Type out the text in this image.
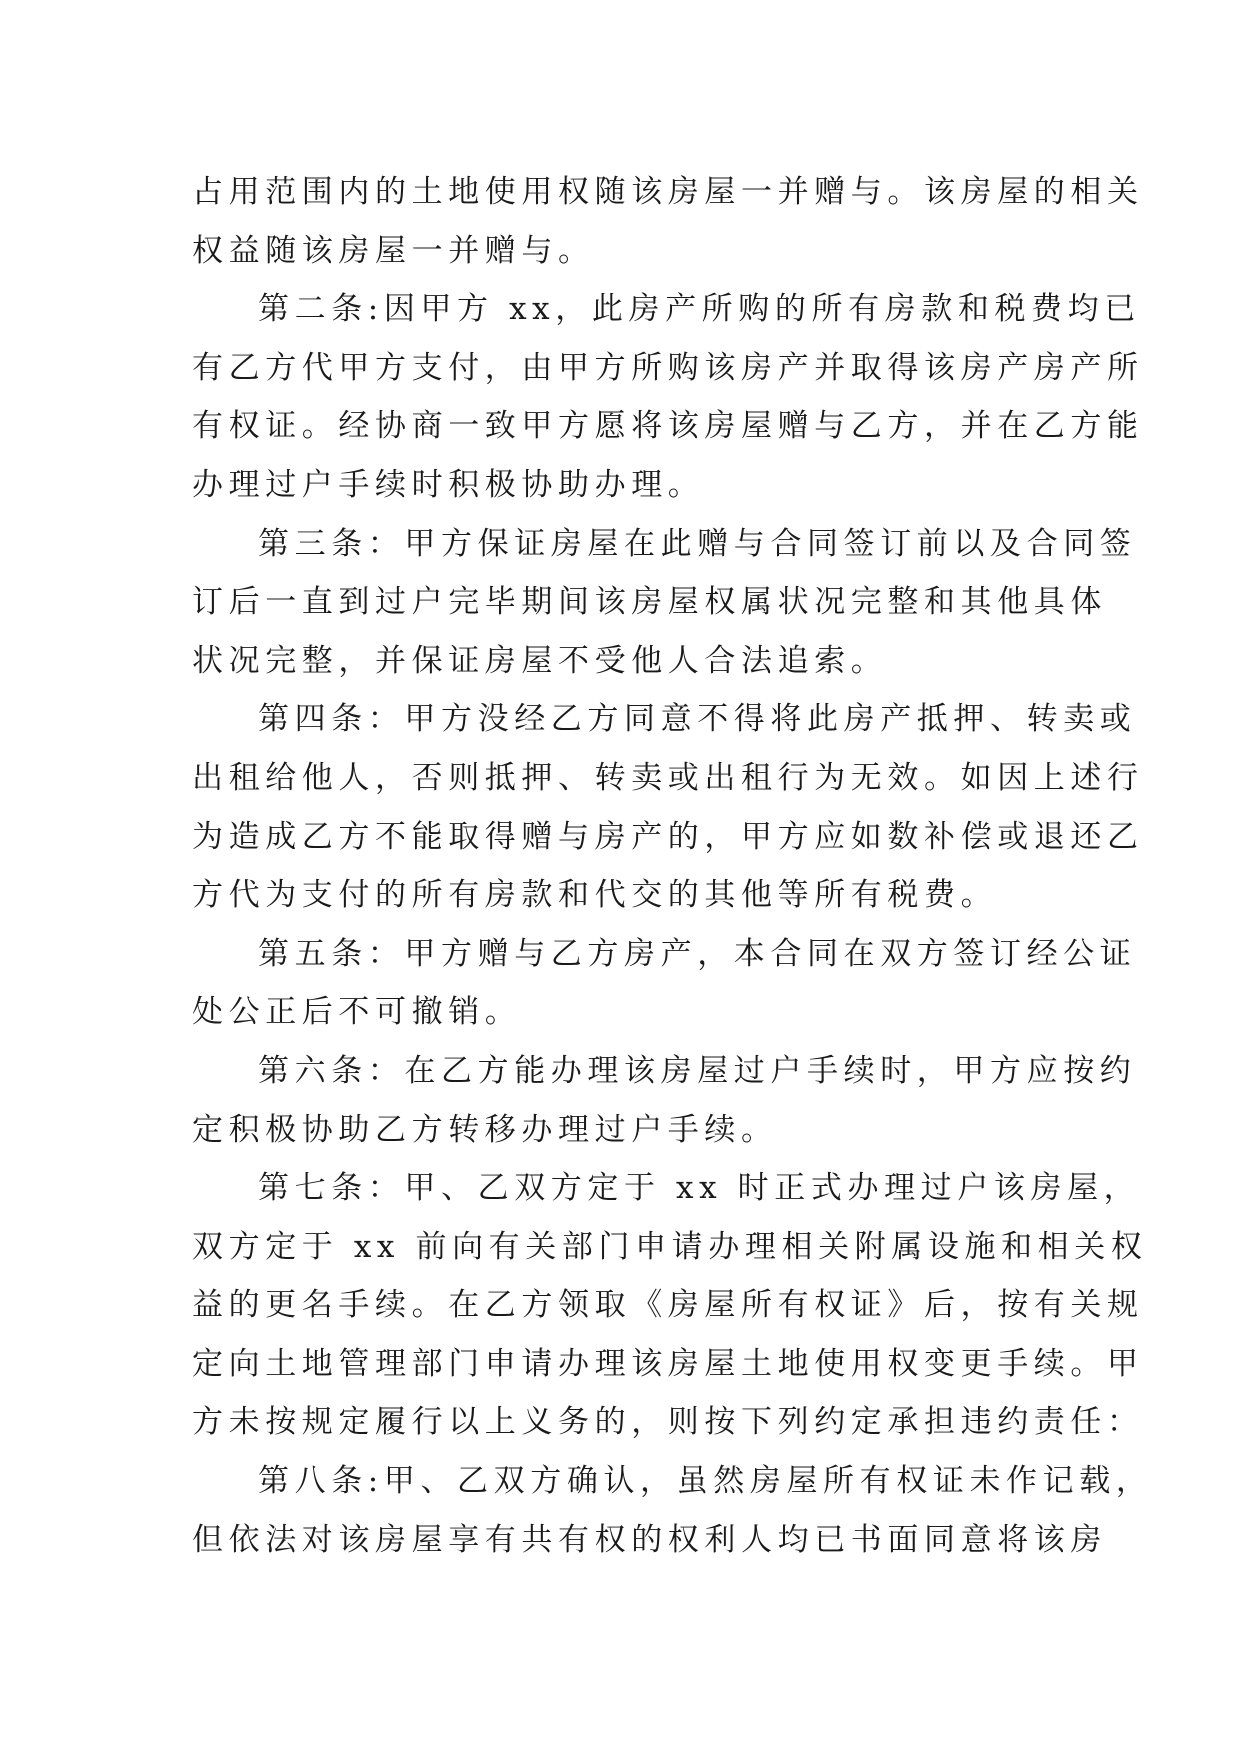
占用范围内的土地使用权随该房屋一并赠与。该房屋的相关
权益随该房屋一并赠与。
第二条:因甲方 xx，此房产所购的所有房款和税费均已
有乙方代甲方支付，由甲方所购该房产并取得该房产房产所
有权证。经协商一致甲方愿将该房屋赠与乙方，并在乙方能
办理过户手续时积极协助办理。
第三条：甲方保证房屋在此赠与合同签订前以及合同签
订后一直到过户完毕期间该房屋权属状况完整和其他具体
状况完整，并保证房屋不受他人合法追索。
第四条：甲方没经乙方同意不得将此房产抵押、转卖或
出租给他人，否则抵押、转卖或出租行为无效。如因上述行
为造成乙方不能取得赠与房产的，甲方应如数补偿或退还乙
方代为支付的所有房款和代交的其他等所有税费。
第五条：甲方赠与乙方房产，本合同在双方签订经公证
处公正后不可撤销。
第六条：在乙方能办理该房屋过户手续时，甲方应按约
定积极协助乙方转移办理过户手续。
第七条：甲、乙双方定于 xx 时正式办理过户该房屋，
双方定于 xx 前向有关部门申请办理相关附属设施和相关权
益的更名手续。在乙方领取《房屋所有权证》后，按有关规
定向土地管理部门申请办理该房屋土地使用权变更手续。甲
方未按规定履行以上义务的，则按下列约定承担违约责任：
第八条:甲、乙双方确认，虽然房屋所有权证未作记载，
但依法对该房屋享有共有权的权利人均已书面同意将该房
